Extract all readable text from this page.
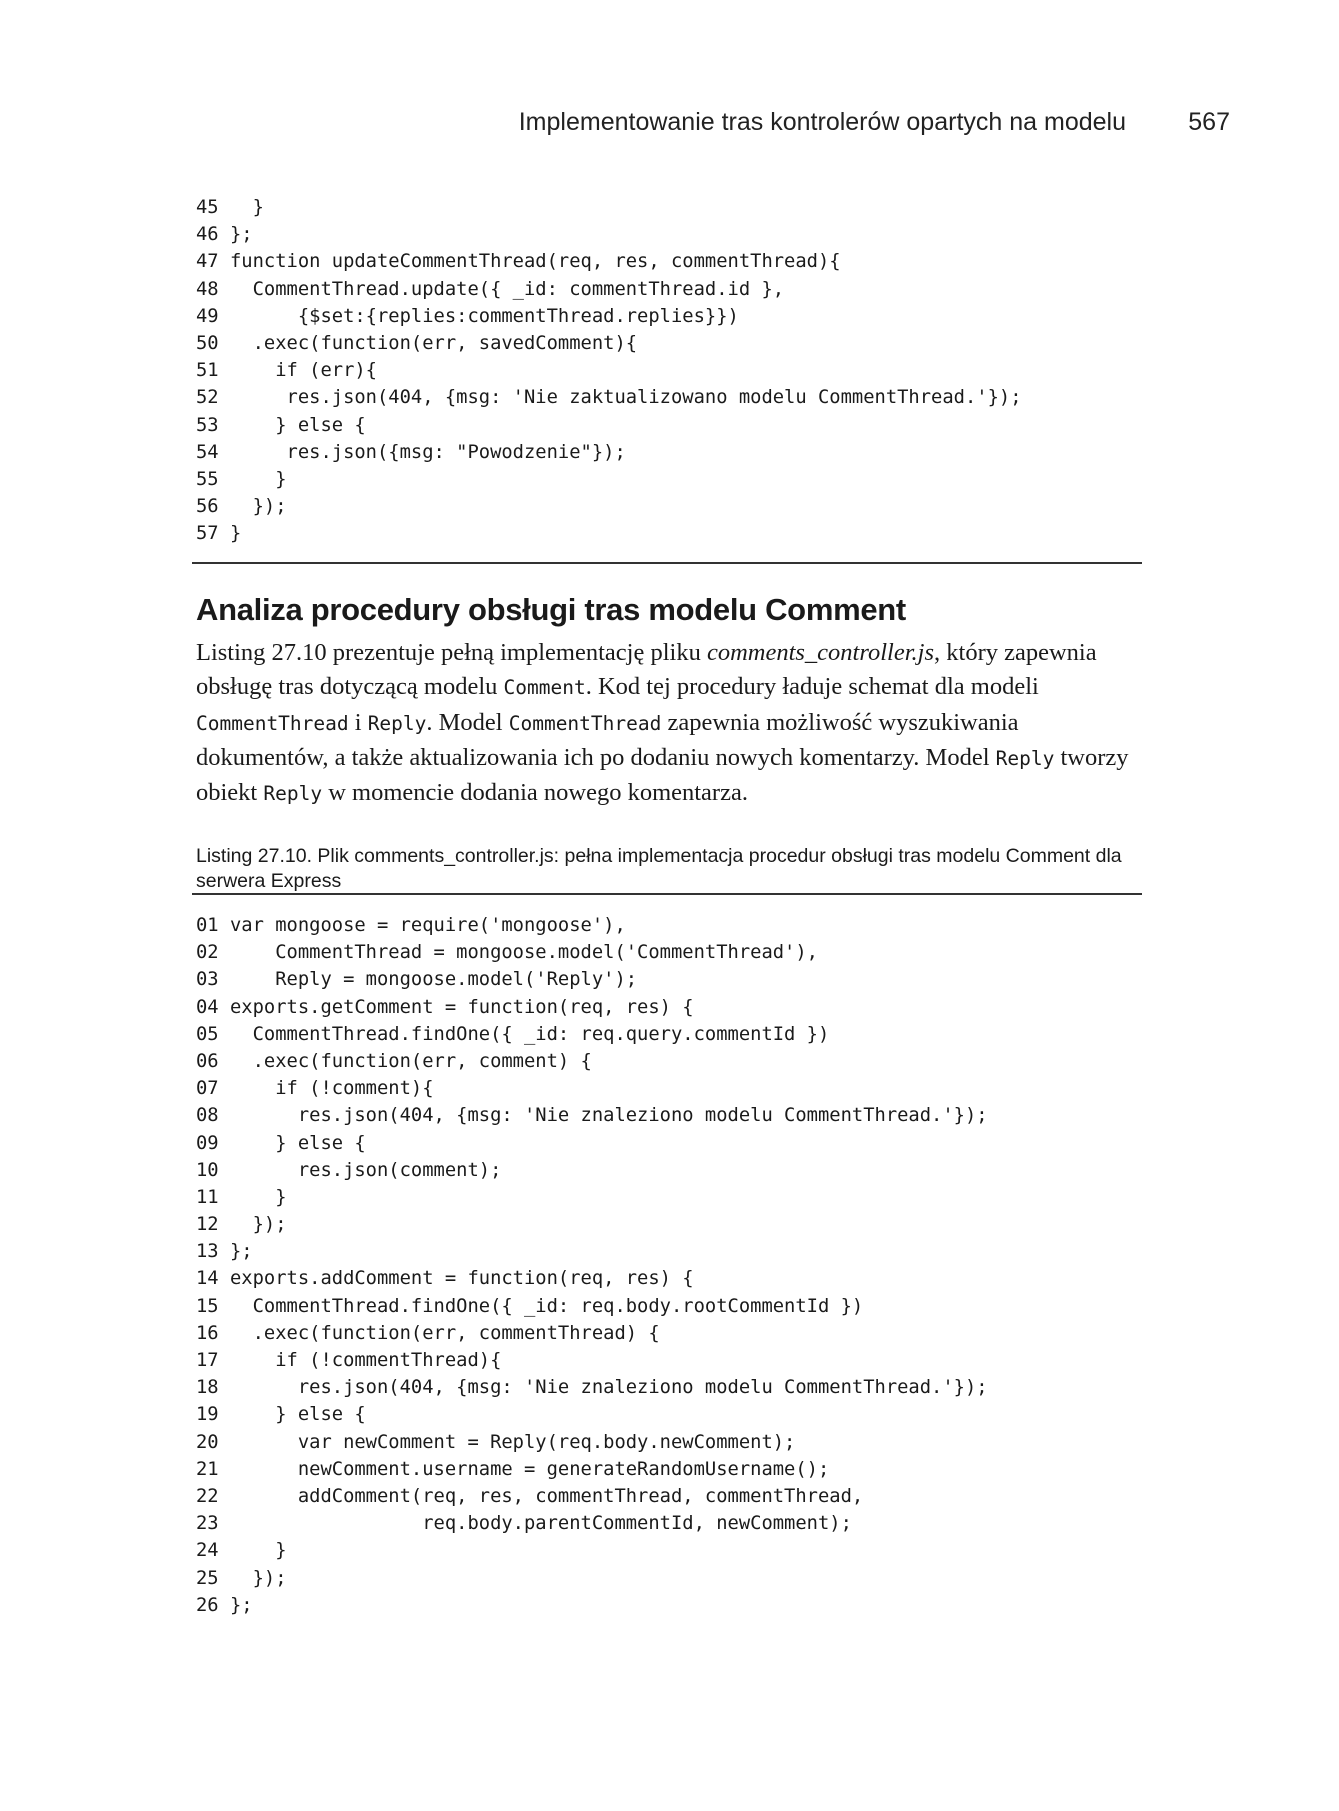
Implementowanie tras kontrolerów opartych na modelu 567
45  }
46 };
47 function updateCommentThread(req, res, commentThread){
48  CommentThread.update({ _id: commentThread.id },
49      {$set:{replies:commentThread.replies}})
50  .exec(function(err, savedComment){
51    if (err){
52     res.json(404, {msg: 'Nie zaktualizowano modelu CommentThread.'});
53    } else {
54     res.json({msg: "Powodzenie"});
55    }
56  });
57 }
Analiza procedury obsługi tras modelu Comment

Listing 27.10 prezentuje pełną implementację pliku comments_controller.js, który zapewnia obsługę tras dotyczącą modelu Comment. Kod tej procedury ładuje schemat dla modeli CommentThread i Reply. Model CommentThread zapewnia możliwość wyszukiwania dokumentów, a także aktualizowania ich po dodaniu nowych komentarzy. Model Reply tworzy obiekt Reply w momencie dodania nowego komentarza.

Listing 27.10. Plik comments_controller.js: pełna implementacja procedur obsługi tras modelu Comment dla serwera Express

01 var mongoose = require('mongoose'),
02    CommentThread = mongoose.model('CommentThread'),
03    Reply = mongoose.model('Reply');
04 exports.getComment = function(req, res) {
05  CommentThread.findOne({ _id: req.query.commentId })
06  .exec(function(err, comment) {
07    if (!comment){
08      res.json(404, {msg: 'Nie znaleziono modelu CommentThread.'});
09    } else {
10      res.json(comment);
11    }
12  });
13 };
14 exports.addComment = function(req, res) {
15  CommentThread.findOne({ _id: req.body.rootCommentId })
16  .exec(function(err, commentThread) {
17    if (!commentThread){
18      res.json(404, {msg: 'Nie znaleziono modelu CommentThread.'});
19    } else {
20      var newComment = Reply(req.body.newComment);
21      newComment.username = generateRandomUsername();
22      addComment(req, res, commentThread, commentThread,
23                 req.body.parentCommentId, newComment);
24    }
25  });
26 };
